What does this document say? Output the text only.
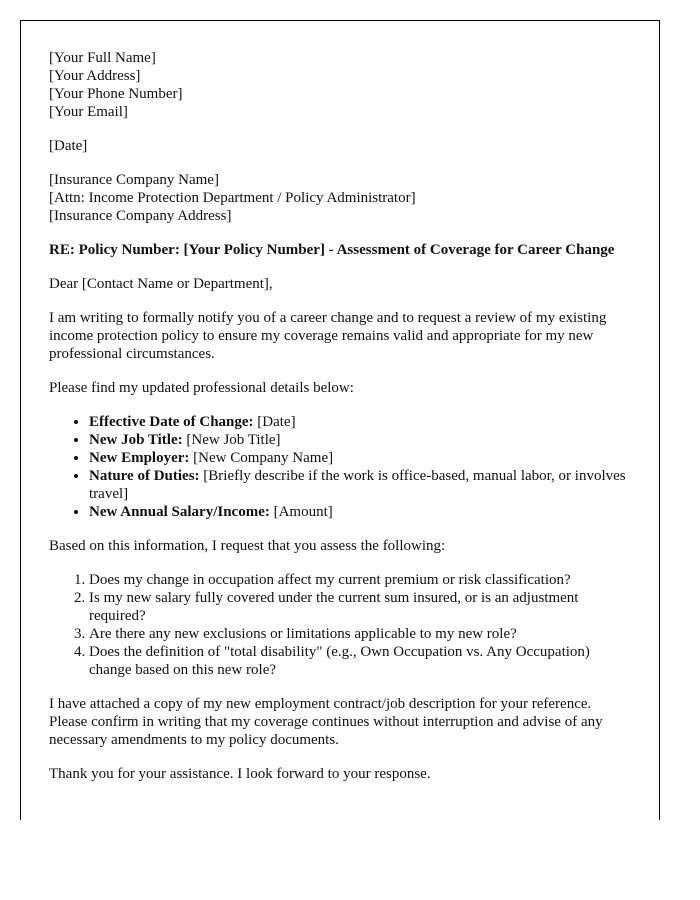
[Your Full Name]
[Your Address]
[Your Phone Number]
[Your Email]

[Date]

[Insurance Company Name]
[Attn: Income Protection Department / Policy Administrator]
[Insurance Company Address]

RE: Policy Number: [Your Policy Number] - Assessment of Coverage for Career Change

Dear [Contact Name or Department],

I am writing to formally notify you of a career change and to request a review of my existing income protection policy to ensure my coverage remains valid and appropriate for my new professional circumstances.

Please find my updated professional details below:

• Effective Date of Change: [Date]
• New Job Title: [New Job Title]
• New Employer: [New Company Name]
• Nature of Duties: [Briefly describe if the work is office-based, manual labor, or involves travel]
• New Annual Salary/Income: [Amount]

Based on this information, I request that you assess the following:

1. Does my change in occupation affect my current premium or risk classification?
2. Is my new salary fully covered under the current sum insured, or is an adjustment required?
3. Are there any new exclusions or limitations applicable to my new role?
4. Does the definition of "total disability" (e.g., Own Occupation vs. Any Occupation) change based on this new role?

I have attached a copy of my new employment contract/job description for your reference. Please confirm in writing that my coverage continues without interruption and advise of any necessary amendments to my policy documents.

Thank you for your assistance. I look forward to your response.
